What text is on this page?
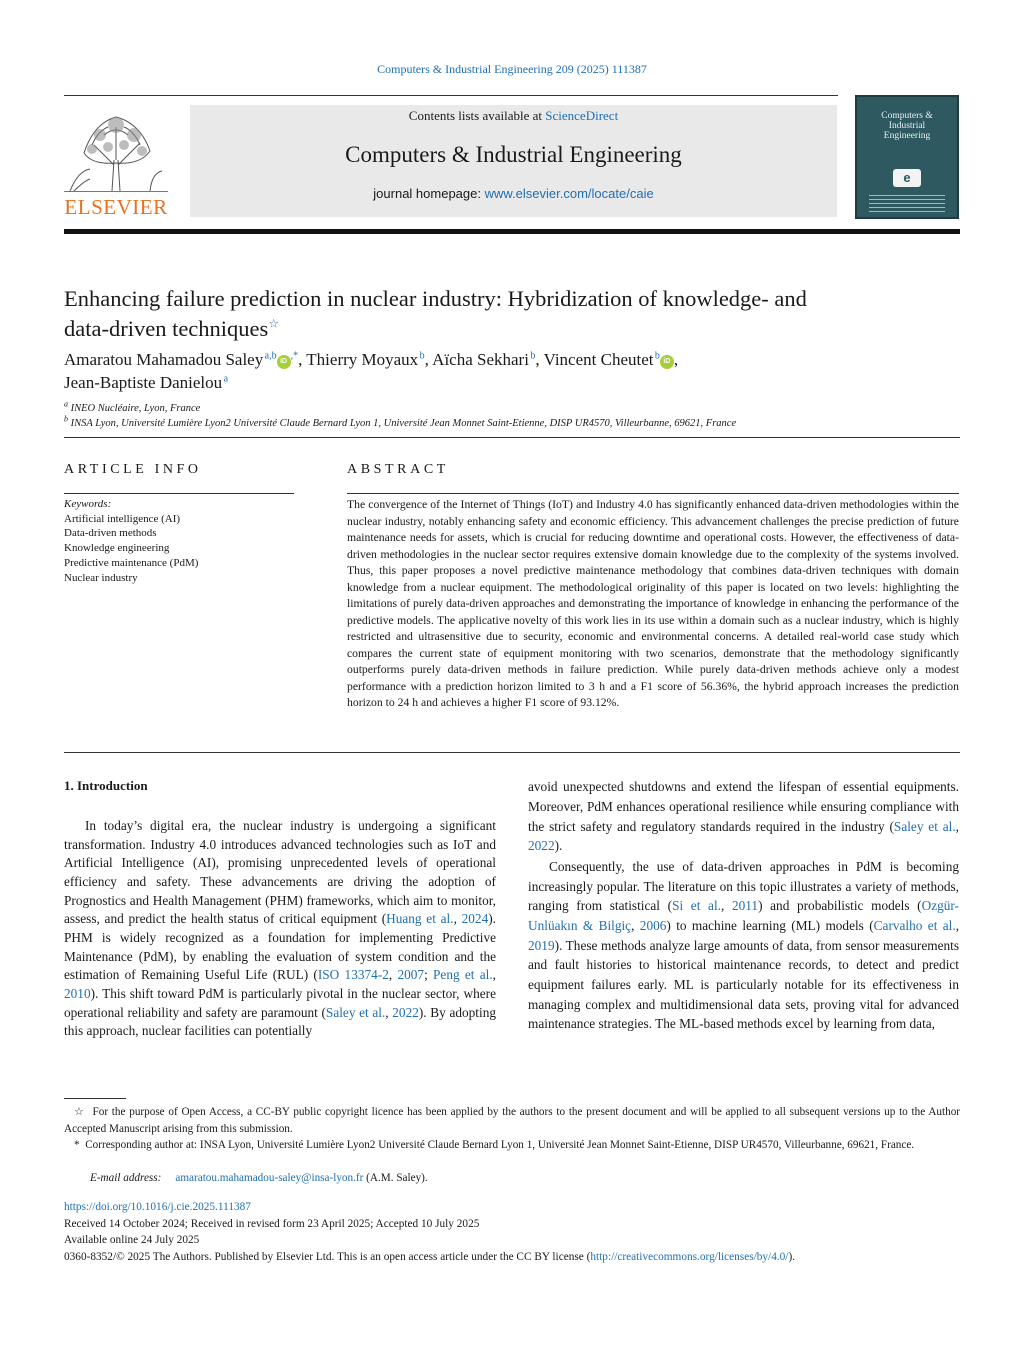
Computers & Industrial Engineering 209 (2025) 111387
ELSEVIER
Contents lists available at ScienceDirect
Computers & Industrial Engineering
journal homepage: www.elsevier.com/locate/caie
Computers &
Industrial
Engineering
e
Enhancing failure prediction in nuclear industry: Hybridization of knowledge- and data-driven techniques☆
Amaratou Mahamadou Saley $^{a,b}$iD,*, Thierry Moyaux $^b$, Aïcha Sekhari $^b$, Vincent Cheutet $^b$iD ,
Jean-Baptiste Danielou $^a$
$^a$ INEO Nucléaire, Lyon, France
$^b$ INSA Lyon, Université Lumière Lyon2 Université Claude Bernard Lyon 1, Université Jean Monnet Saint-Etienne, DISP UR4570, Villeurbanne, 69621, France
ARTICLE INFO
Keywords:
Artificial intelligence (AI)
Data-driven methods
Knowledge engineering
Predictive maintenance (PdM)
Nuclear industry
ABSTRACT
The convergence of the Internet of Things (IoT) and Industry 4.0 has significantly enhanced data-driven methodologies within the nuclear industry, notably enhancing safety and economic efficiency. This advancement challenges the precise prediction of future maintenance needs for assets, which is crucial for reducing downtime and operational costs. However, the effectiveness of data-driven methodologies in the nuclear sector requires extensive domain knowledge due to the complexity of the systems involved. Thus, this paper proposes a novel predictive maintenance methodology that combines data-driven techniques with domain knowledge from a nuclear equipment. The methodological originality of this paper is located on two levels: highlighting the limitations of purely data-driven approaches and demonstrating the importance of knowledge in enhancing the performance of the predictive models. The applicative novelty of this work lies in its use within a domain such as a nuclear industry, which is highly restricted and ultrasensitive due to security, economic and environmental concerns. A detailed real-world case study which compares the current state of equipment monitoring with two scenarios, demonstrate that the methodology significantly outperforms purely data-driven methods in failure prediction. While purely data-driven methods achieve only a modest performance with a prediction horizon limited to 3 h and a F1 score of 56.36%, the hybrid approach increases the prediction horizon to 24 h and achieves a higher F1 score of 93.12%.
1. Introduction
In today’s digital era, the nuclear industry is undergoing a significant transformation. Industry 4.0 introduces advanced technologies such as IoT and Artificial Intelligence (AI), promising unprecedented levels of operational efficiency and safety. These advancements are driving the adoption of Prognostics and Health Management (PHM) frameworks, which aim to monitor, assess, and predict the health status of critical equipment (Huang et al., 2024). PHM is widely recognized as a foundation for implementing Predictive Maintenance (PdM), by enabling the evaluation of system condition and the estimation of Remaining Useful Life (RUL) (ISO 13374-2, 2007; Peng et al., 2010). This shift toward PdM is particularly pivotal in the nuclear sector, where operational reliability and safety are paramount (Saley et al., 2022). By adopting this approach, nuclear facilities can potentially
avoid unexpected shutdowns and extend the lifespan of essential equipments. Moreover, PdM enhances operational resilience while ensuring compliance with the strict safety and regulatory standards required in the industry (Saley et al., 2022).
Consequently, the use of data-driven approaches in PdM is becoming increasingly popular. The literature on this topic illustrates a variety of methods, ranging from statistical (Si et al., 2011) and probabilistic models (Ozgür-Unlüakın & Bilgiç, 2006) to machine learning (ML) models (Carvalho et al., 2019). These methods analyze large amounts of data, from sensor measurements and fault histories to historical maintenance records, to detect and predict equipment failures early. ML is particularly notable for its effectiveness in managing complex and multidimensional data sets, proving vital for advanced maintenance strategies. The ML-based methods excel by learning from data,
☆ For the purpose of Open Access, a CC-BY public copyright licence has been applied by the authors to the present document and will be applied to all subsequent versions up to the Author Accepted Manuscript arising from this submission.
* Corresponding author at: INSA Lyon, Université Lumière Lyon2 Université Claude Bernard Lyon 1, Université Jean Monnet Saint-Etienne, DISP UR4570, Villeurbanne, 69621, France.
E-mail address: amaratou.mahamadou-saley@insa-lyon.fr (A.M. Saley).
https://doi.org/10.1016/j.cie.2025.111387
Received 14 October 2024; Received in revised form 23 April 2025; Accepted 10 July 2025
Available online 24 July 2025
0360-8352/© 2025 The Authors. Published by Elsevier Ltd. This is an open access article under the CC BY license (http://creativecommons.org/licenses/by/4.0/).
